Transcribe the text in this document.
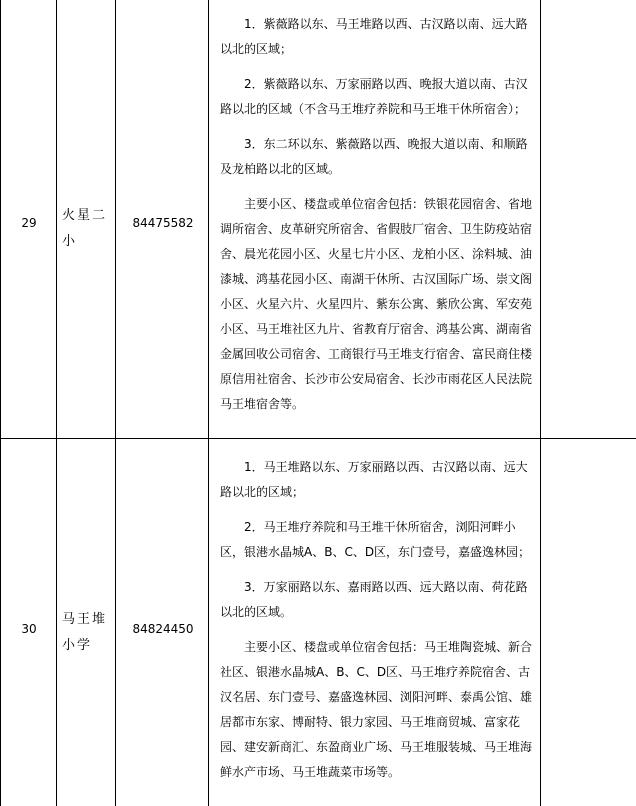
29	火星二小
84475582

1．紫薇路以东、马王堆路以西、古汉路以南、远大路以北的区域；

2．紫薇路以东、万家丽路以西、晚报大道以南、古汉路以北的区域（不含马王堆疗养院和马王堆干休所宿舍）；

3．东二环以东、紫薇路以西、晚报大道以南、和顺路及龙柏路以北的区域。

主要小区、楼盘或单位宿舍包括：铁银花园宿舍、省地调所宿舍、皮革研究所宿舍、省假肢厂宿舍、卫生防疫站宿舍、晨光花园小区、火星七片小区、龙柏小区、涂料城、油漆城、鸿基花园小区、南湖干休所、古汉国际广场、崇文阁小区、火星六片、火星四片、紫东公寓、紫欣公寓、军安苑小区、马王堆社区九片、省教育厅宿舍、鸿基公寓、湖南省金属回收公司宿舍、工商银行马王堆支行宿舍、富民商住楼原信用社宿舍、长沙市公安局宿舍、长沙市雨花区人民法院马王堆宿舍等。

30
马王堆小学
84824450

1．马王堆路以东、万家丽路以西、古汉路以南、远大路以北的区域；

2．马王堆疗养院和马王堆干休所宿舍，浏阳河畔小区，银港水晶城A、B、C、D区，东门壹号，嘉盛逸林园；

3．万家丽路以东、嘉雨路以西、远大路以南、荷花路以北的区域。

主要小区、楼盘或单位宿舍包括：马王堆陶瓷城、新合社区、银港水晶城A、B、C、D区、马王堆疗养院宿舍、古汉名居、东门壹号、嘉盛逸林园、浏阳河畔、泰禹公馆、雄居都市东家、博耐特、银力家园、马王堆商贸城、富家花园、建安新商汇、东盈商业广场、马王堆服装城、马王堆海鲜水产市场、马王堆蔬菜市场等。
